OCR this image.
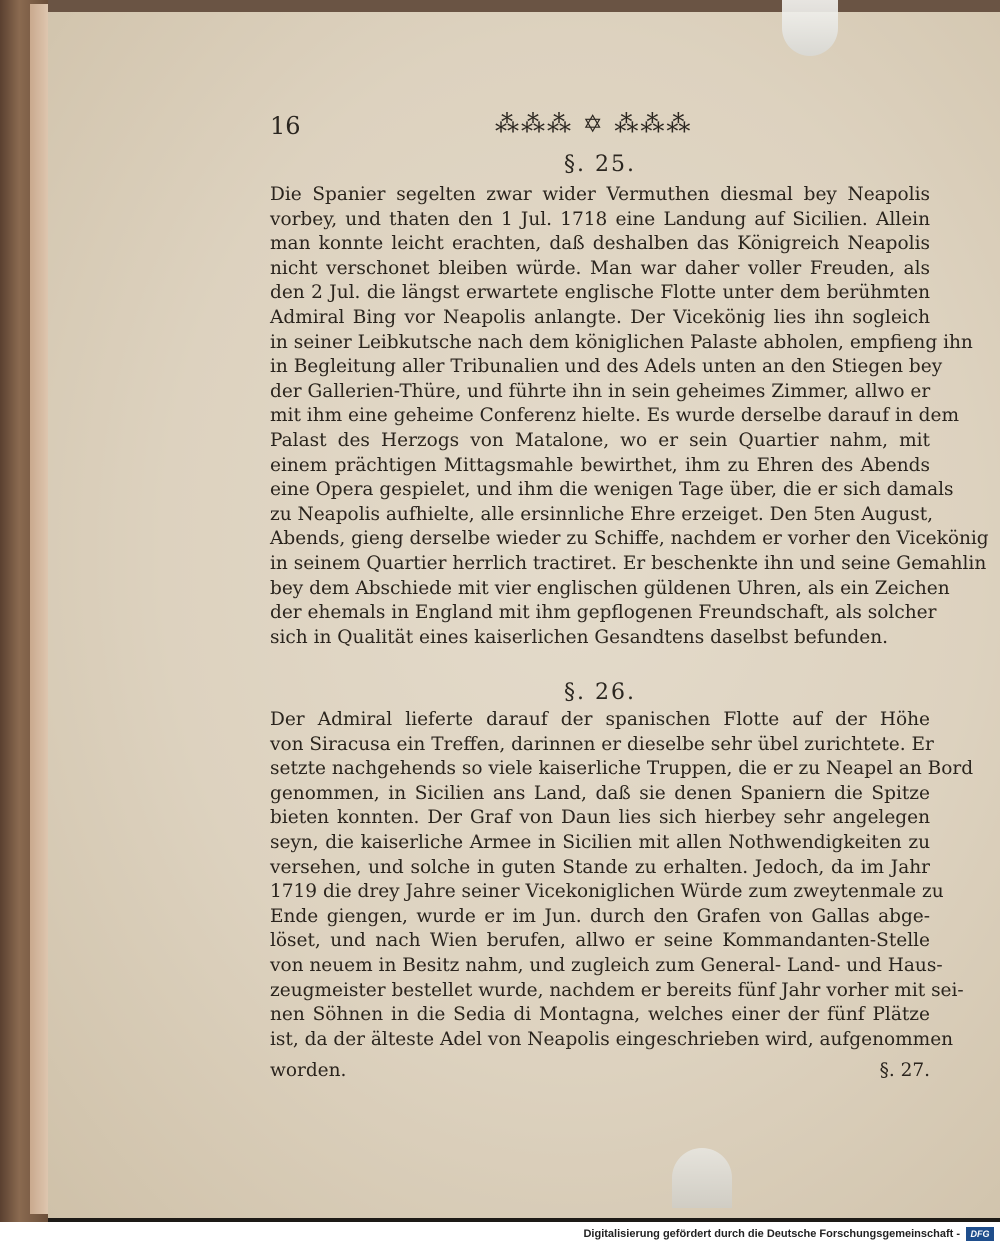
16	⁂⁂⁂ ✡ ⁂⁂⁂
§. 25.
Die Spanier segelten zwar wider Vermuthen diesmal bey Neapolis
vorbey, und thaten den 1 Jul. 1718 eine Landung auf Sicilien. Allein
man konnte leicht erachten, daß deshalben das Königreich Neapolis
nicht verschonet bleiben würde. Man war daher voller Freuden, als
den 2 Jul. die längst erwartete englische Flotte unter dem berühmten
Admiral Bing vor Neapolis anlangte. Der Vicekönig lies ihn sogleich
in seiner Leibkutsche nach dem königlichen Palaste abholen, empfieng ihn
in Begleitung aller Tribunalien und des Adels unten an den Stiegen bey
der Gallerien-Thüre, und führte ihn in sein geheimes Zimmer, allwo er
mit ihm eine geheime Conferenz hielte. Es wurde derselbe darauf in dem
Palast des Herzogs von Matalone, wo er sein Quartier nahm, mit
einem prächtigen Mittagsmahle bewirthet, ihm zu Ehren des Abends
eine Opera gespielet, und ihm die wenigen Tage über, die er sich damals
zu Neapolis aufhielte, alle ersinnliche Ehre erzeiget. Den 5ten August,
Abends, gieng derselbe wieder zu Schiffe, nachdem er vorher den Vicekönig
in seinem Quartier herrlich tractiret. Er beschenkte ihn und seine Gemahlin
bey dem Abschiede mit vier englischen güldenen Uhren, als ein Zeichen
der ehemals in England mit ihm gepflogenen Freundschaft, als solcher
sich in Qualität eines kaiserlichen Gesandtens daselbst befunden.
§. 26.
Der Admiral lieferte darauf der spanischen Flotte auf der Höhe
von Siracusa ein Treffen, darinnen er dieselbe sehr übel zurichtete. Er
setzte nachgehends so viele kaiserliche Truppen, die er zu Neapel an Bord
genommen, in Sicilien ans Land, daß sie denen Spaniern die Spitze
bieten konnten. Der Graf von Daun lies sich hierbey sehr angelegen
seyn, die kaiserliche Armee in Sicilien mit allen Nothwendigkeiten zu
versehen, und solche in guten Stande zu erhalten. Jedoch, da im Jahr
1719 die drey Jahre seiner Vicekoniglichen Würde zum zweytenmale zu
Ende giengen, wurde er im Jun. durch den Grafen von Gallas abge-
löset, und nach Wien berufen, allwo er seine Kommandanten-Stelle
von neuem in Besitz nahm, und zugleich zum General- Land- und Haus-
zeugmeister bestellet wurde, nachdem er bereits fünf Jahr vorher mit sei-
nen Söhnen in die Sedia di Montagna, welches einer der fünf Plätze
ist, da der älteste Adel von Neapolis eingeschrieben wird, aufgenommen
worden.	§. 27.
Digitalisierung gefördert durch die Deutsche Forschungsgemeinschaft -	DFG
